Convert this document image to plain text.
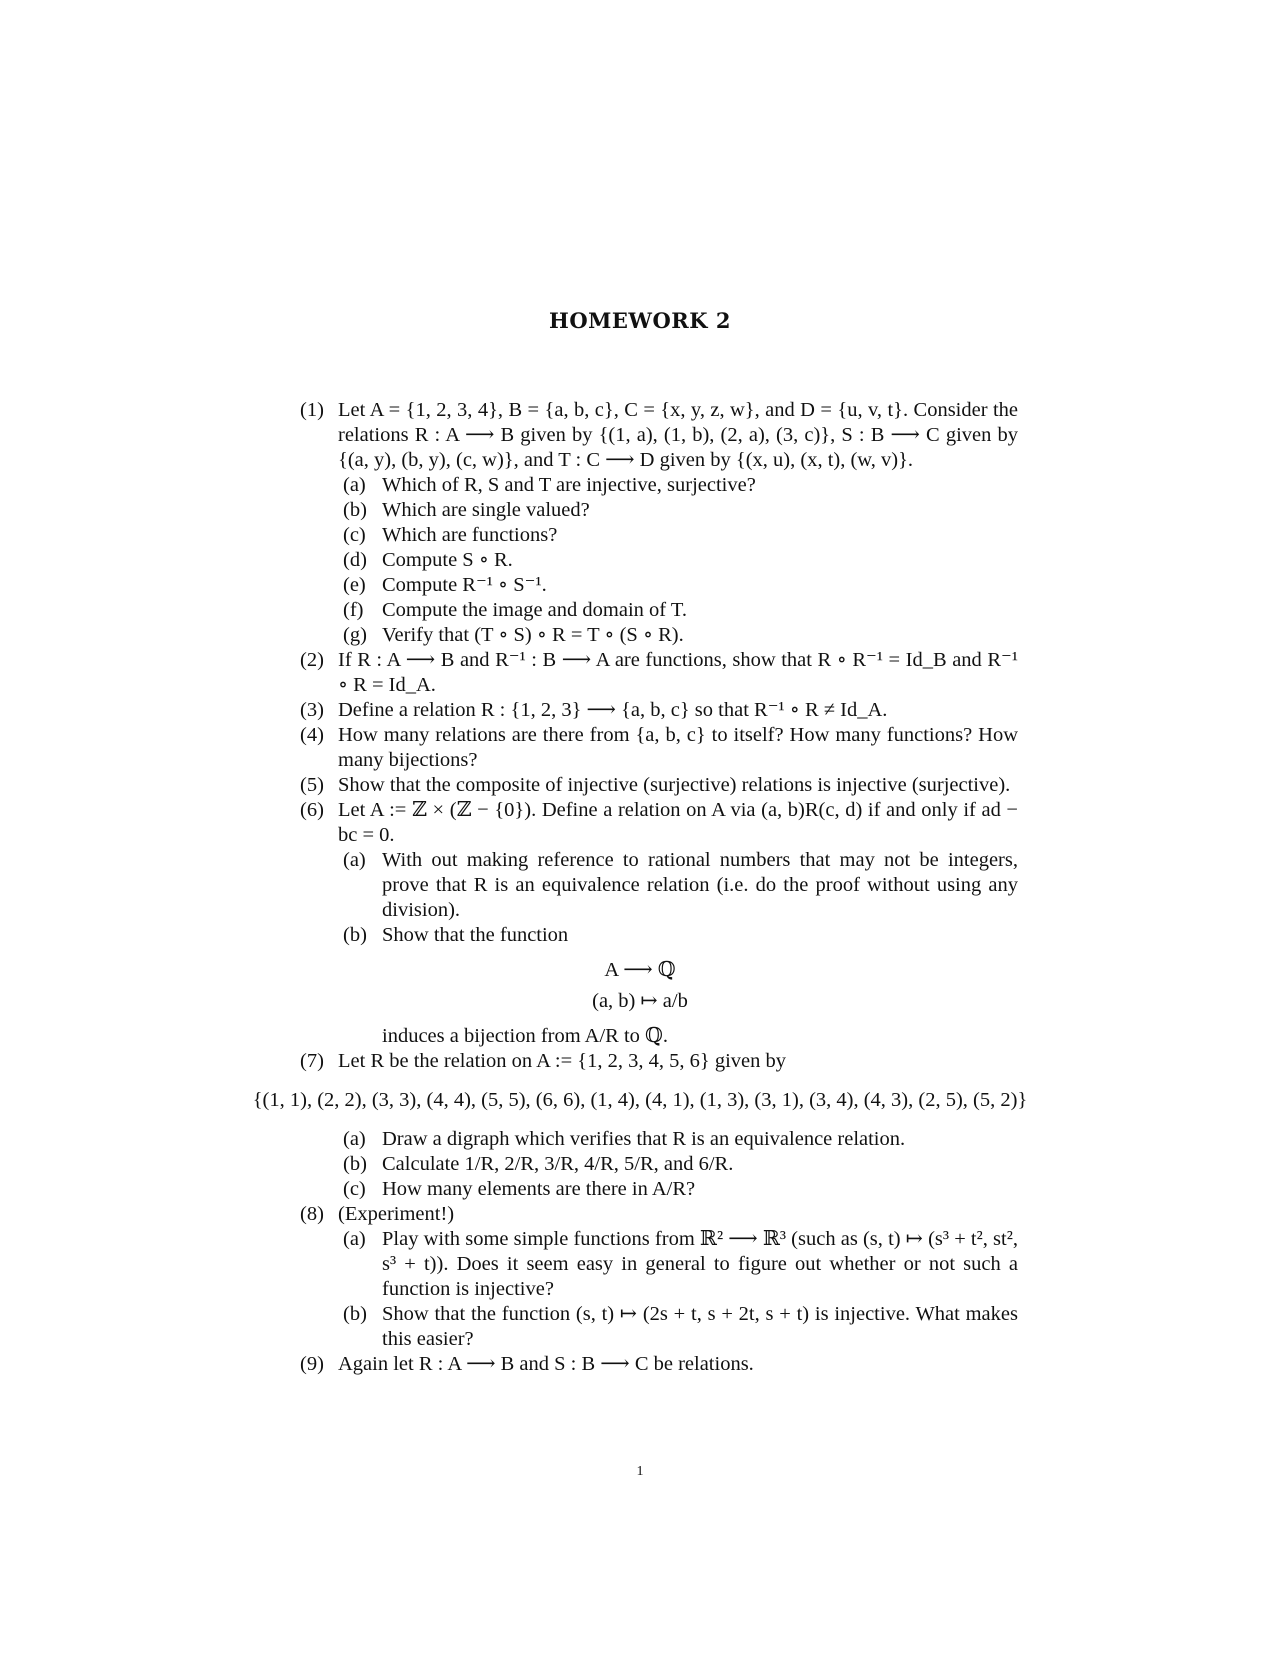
HOMEWORK 2
(1) Let A = {1, 2, 3, 4}, B = {a, b, c}, C = {x, y, z, w}, and D = {u, v, t}. Consider the relations R : A ⟶ B given by {(1, a), (1, b), (2, a), (3, c)}, S : B ⟶ C given by {(a, y), (b, y), (c, w)}, and T : C ⟶ D given by {(x, u), (x, t), (w, v)}.
(a) Which of R, S and T are injective, surjective?
(b) Which are single valued?
(c) Which are functions?
(d) Compute S ∘ R.
(e) Compute R⁻¹ ∘ S⁻¹.
(f) Compute the image and domain of T.
(g) Verify that (T ∘ S) ∘ R = T ∘ (S ∘ R).
(2) If R : A ⟶ B and R⁻¹ : B ⟶ A are functions, show that R ∘ R⁻¹ = Id_B and R⁻¹ ∘ R = Id_A.
(3) Define a relation R : {1, 2, 3} ⟶ {a, b, c} so that R⁻¹ ∘ R ≠ Id_A.
(4) How many relations are there from {a, b, c} to itself? How many functions? How many bijections?
(5) Show that the composite of injective (surjective) relations is injective (surjective).
(6) Let A := ℤ × (ℤ − {0}). Define a relation on A via (a, b)R(c, d) if and only if ad − bc = 0.
(a) With out making reference to rational numbers that may not be integers, prove that R is an equivalence relation (i.e. do the proof without using any division).
(b) Show that the function
A ⟶ ℚ
(a, b) ↦ a/b
induces a bijection from A/R to ℚ.
(7) Let R be the relation on A := {1, 2, 3, 4, 5, 6} given by
{(1, 1), (2, 2), (3, 3), (4, 4), (5, 5), (6, 6), (1, 4), (4, 1), (1, 3), (3, 1), (3, 4), (4, 3), (2, 5), (5, 2)}
(a) Draw a digraph which verifies that R is an equivalence relation.
(b) Calculate 1/R, 2/R, 3/R, 4/R, 5/R, and 6/R.
(c) How many elements are there in A/R?
(8) (Experiment!)
(a) Play with some simple functions from ℝ² ⟶ ℝ³ (such as (s, t) ↦ (s³ + t², st², s³ + t)). Does it seem easy in general to figure out whether or not such a function is injective?
(b) Show that the function (s, t) ↦ (2s + t, s + 2t, s + t) is injective. What makes this easier?
(9) Again let R : A ⟶ B and S : B ⟶ C be relations.
1
